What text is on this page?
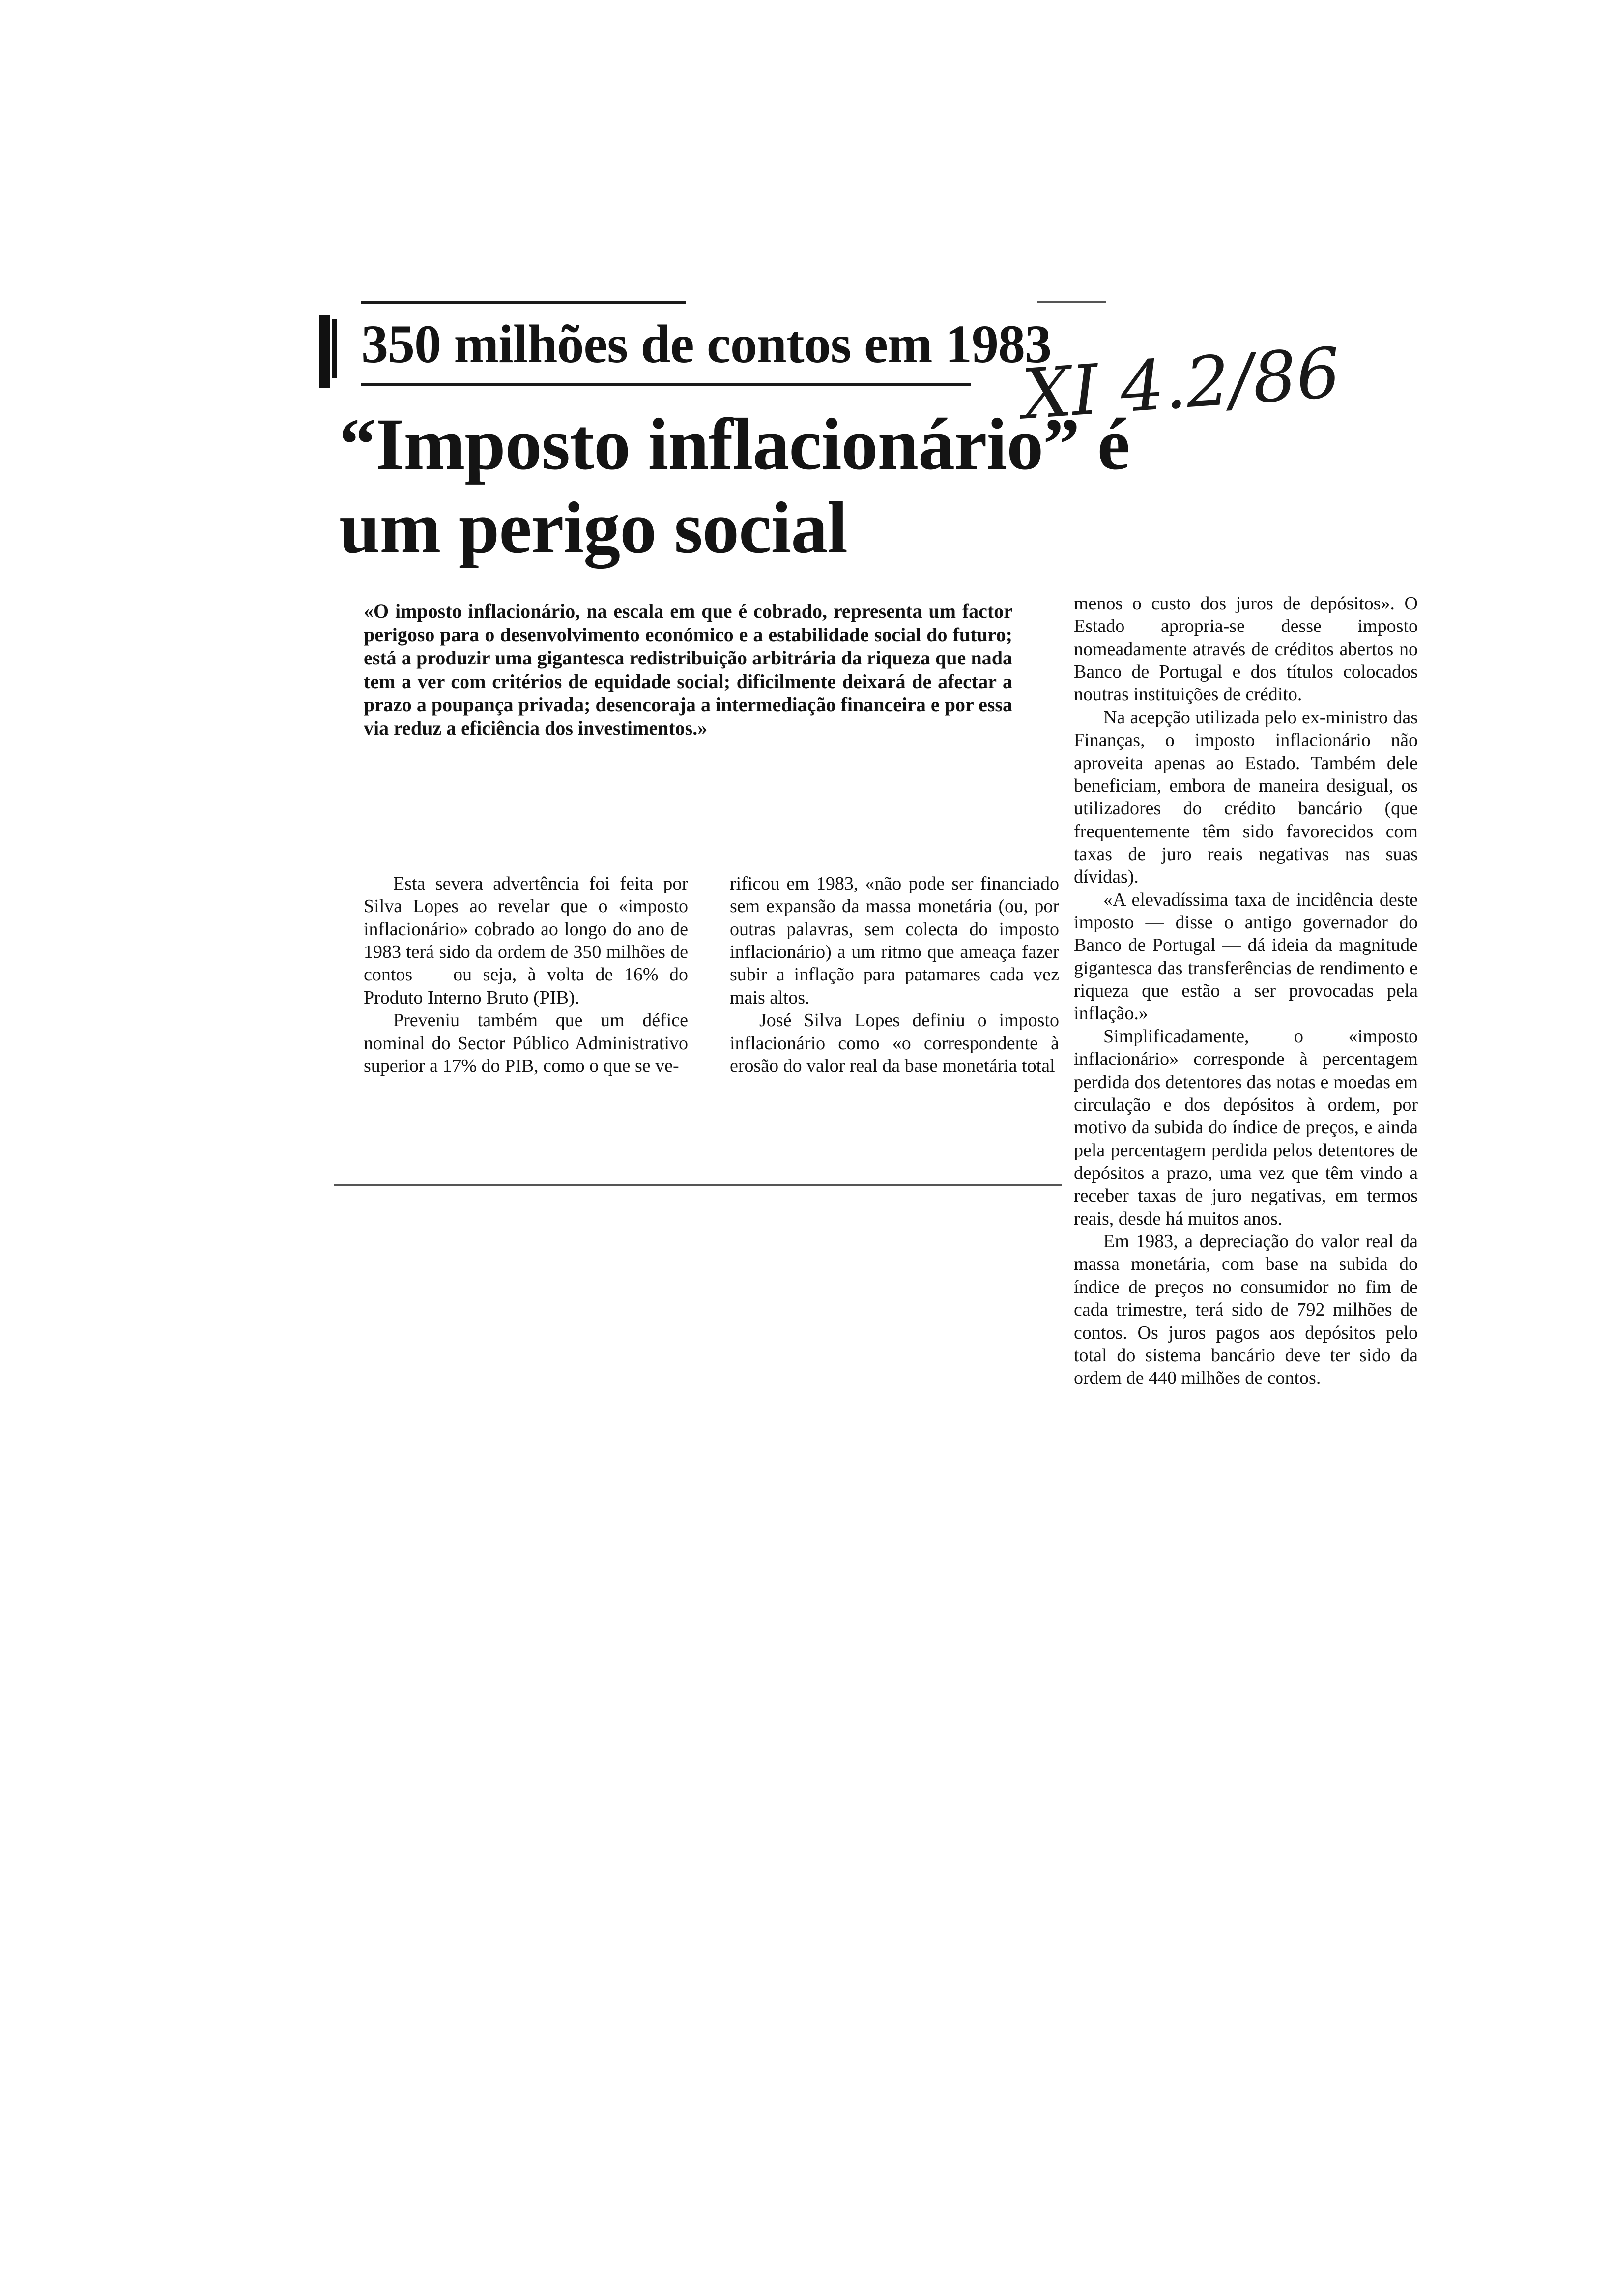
350 milhões de contos em 1983
XI 4.2/86
“Imposto inflacionário” é um perigo social
«O imposto inflacionário, na escala em que é cobrado, representa um factor perigoso para o desenvolvimento económico e a estabilidade social do futuro; está a produzir uma gigantesca redistribuição arbitrária da riqueza que nada tem a ver com critérios de equidade social; dificilmente deixará de afectar a prazo a poupança privada; desencoraja a intermediação financeira e por essa via reduz a eficiência dos investimentos.»

Esta severa advertência foi feita por Silva Lopes ao revelar que o «imposto inflacionário» cobrado ao longo do ano de 1983 terá sido da ordem de 350 milhões de contos — ou seja, à volta de 16% do Produto Interno Bruto (PIB).

Preveniu também que um défice nominal do Sector Público Administrativo superior a 17% do PIB, como o que se ve-

rificou em 1983, «não pode ser financiado sem expansão da massa monetária (ou, por outras palavras, sem colecta do imposto inflacionário) a um ritmo que ameaça fazer subir a inflação para patamares cada vez mais altos.

José Silva Lopes definiu o imposto inflacionário como «o correspondente à erosão do valor real da base monetária total

menos o custo dos juros de depósitos». O Estado apropria-se desse imposto nomeadamente através de créditos abertos no Banco de Portugal e dos títulos colocados noutras instituições de crédito.

Na acepção utilizada pelo ex-ministro das Finanças, o imposto inflacionário não aproveita apenas ao Estado. Também dele beneficiam, embora de maneira desigual, os utilizadores do crédito bancário (que frequentemente têm sido favorecidos com taxas de juro reais negativas nas suas dívidas).

«A elevadíssima taxa de incidência deste imposto — disse o antigo governador do Banco de Portugal — dá ideia da magnitude gigantesca das transferências de rendimento e riqueza que estão a ser provocadas pela inflação.»

Simplificadamente, o «imposto inflacionário» corresponde à percentagem perdida dos detentores das notas e moedas em circulação e dos depósitos à ordem, por motivo da subida do índice de preços, e ainda pela percentagem perdida pelos detentores de depósitos a prazo, uma vez que têm vindo a receber taxas de juro negativas, em termos reais, desde há muitos anos.

Em 1983, a depreciação do valor real da massa monetária, com base na subida do índice de preços no consumidor no fim de cada trimestre, terá sido de 792 milhões de contos. Os juros pagos aos depósitos pelo total do sistema bancário deve ter sido da ordem de 440 milhões de contos.
